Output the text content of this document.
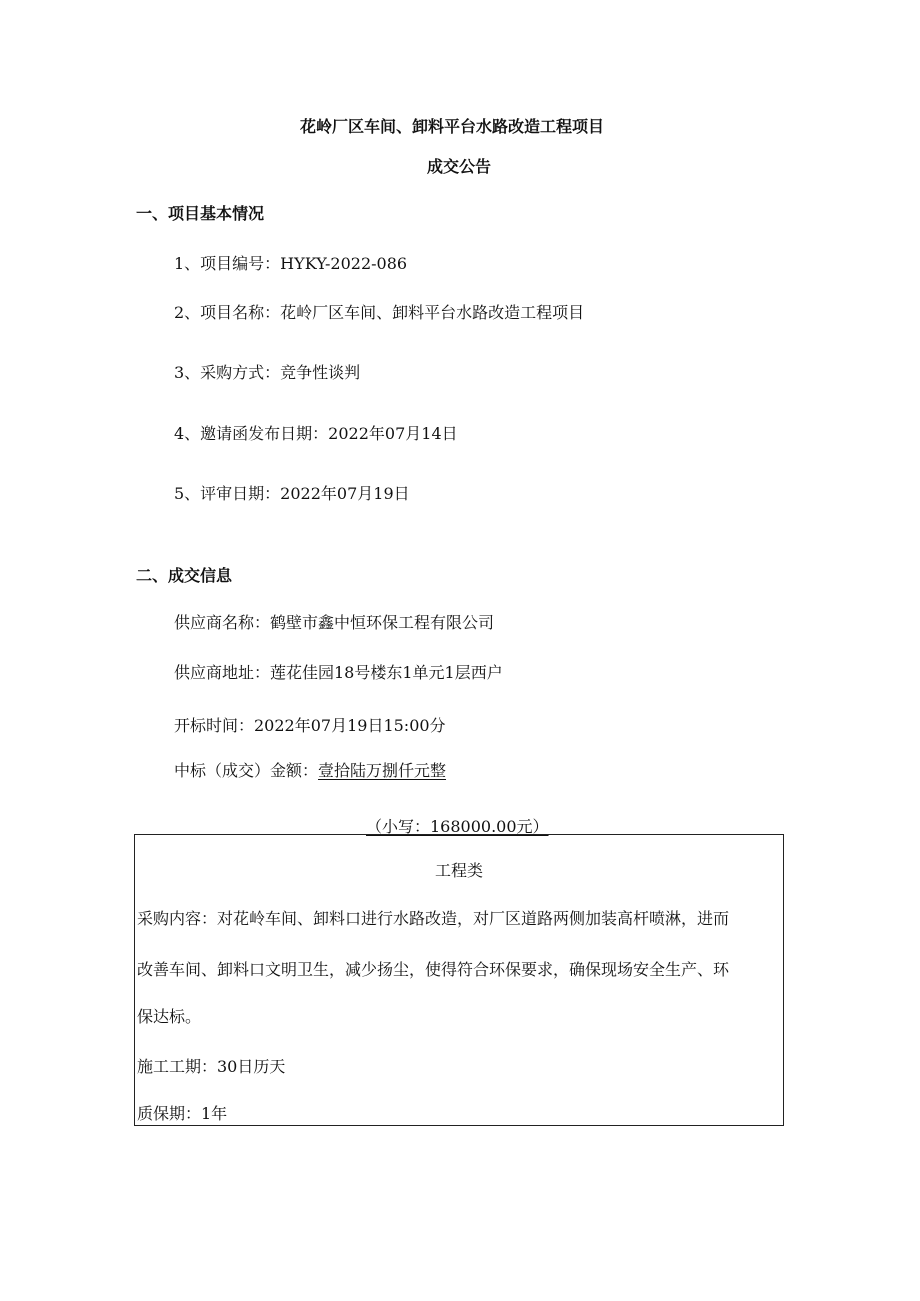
花岭厂区车间、卸料平台水路改造工程项目
成交公告
一、项目基本情况
1、项目编号：HYKY-2022-086
2、项目名称：花岭厂区车间、卸料平台水路改造工程项目
3、采购方式：竞争性谈判
4、邀请函发布日期：2022年07月14日
5、评审日期：2022年07月19日
二、成交信息
供应商名称：鹤壁市鑫中恒环保工程有限公司
供应商地址：莲花佳园18号楼东1单元1层西户
开标时间：2022年07月19日15:00分
中标（成交）金额：壹拾陆万捌仟元整
（小写：168000.00元）
工程类
采购内容：对花岭车间、卸料口进行水路改造，对厂区道路两侧加装高杆喷淋，进而
改善车间、卸料口文明卫生，减少扬尘，使得符合环保要求，确保现场安全生产、环
保达标。
施工工期：30日历天
质保期：1年
